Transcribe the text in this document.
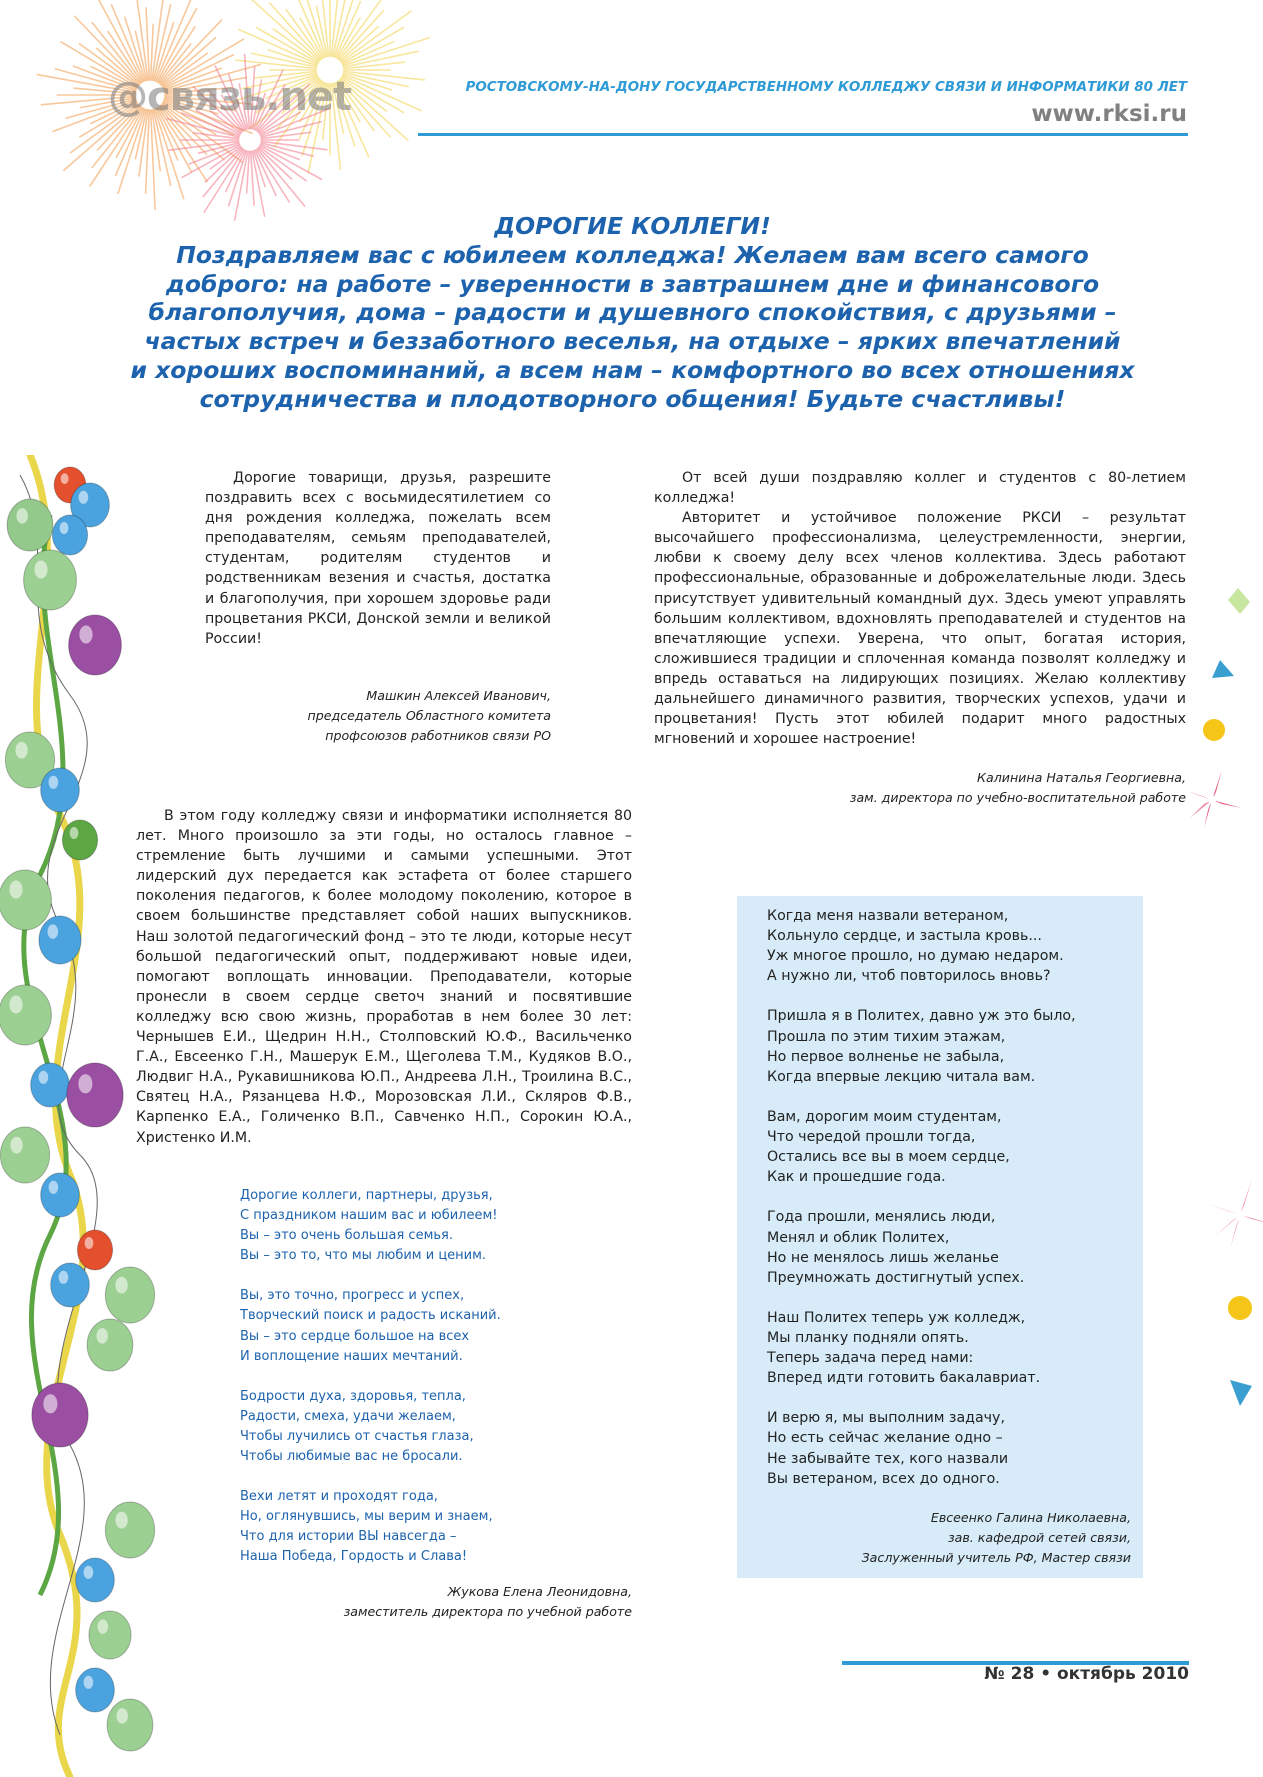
@связь.net	РОСТОВСКОМУ-НА-ДОНУ ГОСУДАРСТВЕННОМУ КОЛЛЕДЖУ СВЯЗИ И ИНФОРМАТИКИ 80 ЛЕТ
www.rksi.ru
ДОРОГИЕ КОЛЛЕГИ!
Поздравляем вас с юбилеем колледжа! Желаем вам всего самого
доброго: на работе – уверенности в завтрашнем дне и финансового
благополучия, дома – радости и душевного спокойствия, с друзьями –
частых встреч и беззаботного веселья, на отдыхе – ярких впечатлений
и хороших воспоминаний, а всем нам – комфортного во всех отношениях
сотрудничества и плодотворного общения! Будьте счастливы!

Дорогие товарищи, друзья, разрешите поздравить всех с восьмидесятилетием со дня рождения колледжа, пожелать всем преподавателям, семьям преподавателей, студентам, родителям студентов и родственникам везения и счастья, достатка и благополучия, при хорошем здоровье ради процветания РКСИ, Донской земли и великой России!

Машкин Алексей Иванович,
председатель Областного комитета
профсоюзов работников связи РО

От всей души поздравляю коллег и студентов с 80-летием колледжа!

Авторитет и устойчивое положение РКСИ – результат высочайшего профессионализма, целеустремленности, энергии, любви к своему делу всех членов коллектива. Здесь работают профессиональные, образованные и доброжелательные люди. Здесь присутствует удивительный командный дух. Здесь умеют управлять большим коллективом, вдохновлять преподавателей и студентов на впечатляющие успехи. Уверена, что опыт, богатая история, сложившиеся традиции и сплоченная команда позволят колледжу и впредь оставаться на лидирующих позициях. Желаю коллективу дальнейшего динамичного развития, творческих успехов, удачи и процветания! Пусть этот юбилей подарит много радостных мгновений и хорошее настроение!

Калинина Наталья Георгиевна,
зам. директора по учебно-воспитательной работе

В этом году колледжу связи и информатики исполняется 80 лет. Много произошло за эти годы, но осталось главное – стремление быть лучшими и самыми успешными. Этот лидерский дух передается как эстафета от более старшего поколения педагогов, к более молодому поколению, которое в своем большинстве представляет собой наших выпускников. Наш золотой педагогический фонд – это те люди, которые несут большой педагогический опыт, поддерживают новые идеи, помогают воплощать инновации. Преподаватели, которые пронесли в своем сердце светоч знаний и посвятившие колледжу всю свою жизнь, проработав в нем более 30 лет: Чернышев Е.И., Щедрин Н.Н., Столповский Ю.Ф., Васильченко Г.А., Евсеенко Г.Н., Машерук Е.М., Щеголева Т.М., Кудяков В.О., Людвиг Н.А., Рукавишникова Ю.П., Андреева Л.Н., Троилина В.С., Святец Н.А., Рязанцева Н.Ф., Морозовская Л.И., Скляров Ф.В., Карпенко Е.А., Голиченко В.П., Савченко Н.П., Сорокин Ю.А., Христенко И.М.

Дорогие коллеги, партнеры, друзья,
С праздником нашим вас и юбилеем!
Вы – это очень большая семья.
Вы – это то, что мы любим и ценим.
Вы, это точно, прогресс и успех,
Творческий поиск и радость исканий.
Вы – это сердце большое на всех
И воплощение наших мечтаний.
Бодрости духа, здоровья, тепла,
Радости, смеха, удачи желаем,
Чтобы лучились от счастья глаза,
Чтобы любимые вас не бросали.
Вехи летят и проходят года,
Но, оглянувшись, мы верим и знаем,
Что для истории ВЫ навсегда –
Наша Победа, Гордость и Слава!
Жукова Елена Леонидовна,
заместитель директора по учебной работе
Когда меня назвали ветераном,
Кольнуло сердце, и застыла кровь...
Уж многое прошло, но думаю недаром.
А нужно ли, чтоб повторилось вновь?
Пришла я в Политех, давно уж это было,
Прошла по этим тихим этажам,
Но первое волненье не забыла,
Когда впервые лекцию читала вам.
Вам, дорогим моим студентам,
Что чередой прошли тогда,
Остались все вы в моем сердце,
Как и прошедшие года.
Года прошли, менялись люди,
Менял и облик Политех,
Но не менялось лишь желанье
Преумножать достигнутый успех.
Наш Политех теперь уж колледж,
Мы планку подняли опять.
Теперь задача перед нами:
Вперед идти готовить бакалавриат.
И верю я, мы выполним задачу,
Но есть сейчас желание одно –
Не забывайте тех, кого назвали
Вы ветераном, всех до одного.
Евсеенко Галина Николаевна,
зав. кафедрой сетей связи,
Заслуженный учитель РФ, Мастер связи
№ 28 • октябрь 2010
